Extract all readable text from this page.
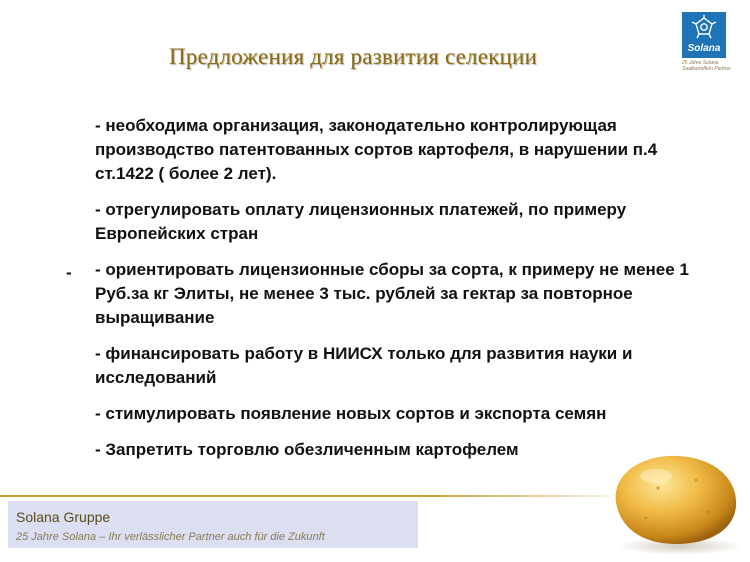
Предложения для развития селекции	Solana
25 Jahre Solana
Saatkartoffeln Partner
-

- необходима организация, законодательно контролирующая производство патентованных сортов картофеля, в нарушении п.4 ст.1422 ( более 2 лет).

- отрегулировать оплату лицензионных платежей, по примеру Европейских стран

- ориентировать лицензионные сборы за сорта, к примеру не менее 1 Руб.за кг Элиты, не менее 3 тыс. рублей за гектар за повторное выращивание

- финансировать работу в НИИСХ только для развития науки и исследований

- стимулировать появление новых сортов и экспорта семян

- Запретить торговлю обезличенным картофелем

Solana Gruppe
25 Jahre Solana – Ihr verlässlicher Partner auch für die Zukunft
